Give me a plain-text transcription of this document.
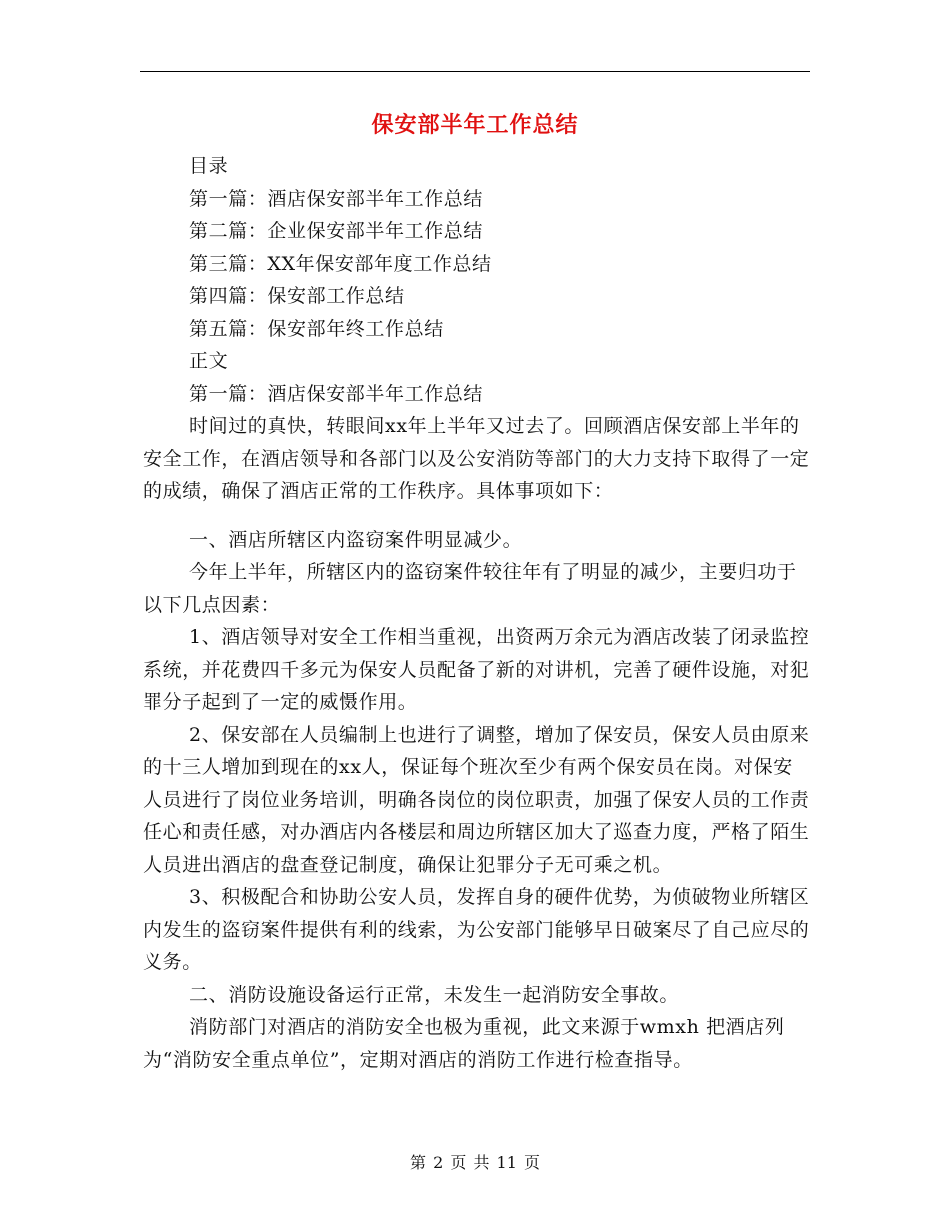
保安部半年工作总结

目录

第一篇：酒店保安部半年工作总结

第二篇：企业保安部半年工作总结

第三篇：XX年保安部年度工作总结

第四篇：保安部工作总结

第五篇：保安部年终工作总结

正文

第一篇：酒店保安部半年工作总结

时间过的真快，转眼间xx年上半年又过去了。回顾酒店保安部上半年的安全工作，在酒店领导和各部门以及公安消防等部门的大力支持下取得了一定的成绩，确保了酒店正常的工作秩序。具体事项如下：

一、酒店所辖区内盗窃案件明显减少。

今年上半年，所辖区内的盗窃案件较往年有了明显的减少，主要归功于以下几点因素：

1、酒店领导对安全工作相当重视，出资两万余元为酒店改装了闭录监控系统，并花费四千多元为保安人员配备了新的对讲机，完善了硬件设施，对犯罪分子起到了一定的威慑作用。

2、保安部在人员编制上也进行了调整，增加了保安员，保安人员由原来的十三人增加到现在的xx人，保证每个班次至少有两个保安员在岗。对保安人员进行了岗位业务培训，明确各岗位的岗位职责，加强了保安人员的工作责任心和责任感，对办酒店内各楼层和周边所辖区加大了巡查力度，严格了陌生人员进出酒店的盘查登记制度，确保让犯罪分子无可乘之机。

3、积极配合和协助公安人员，发挥自身的硬件优势，为侦破物业所辖区内发生的盗窃案件提供有利的线索，为公安部门能够早日破案尽了自己应尽的义务。

二、消防设施设备运行正常，未发生一起消防安全事故。

消防部门对酒店的消防安全也极为重视，此文来源于wmxh 把酒店列为“消防安全重点单位”，定期对酒店的消防工作进行检查指导。

第 2 页 共 11 页
